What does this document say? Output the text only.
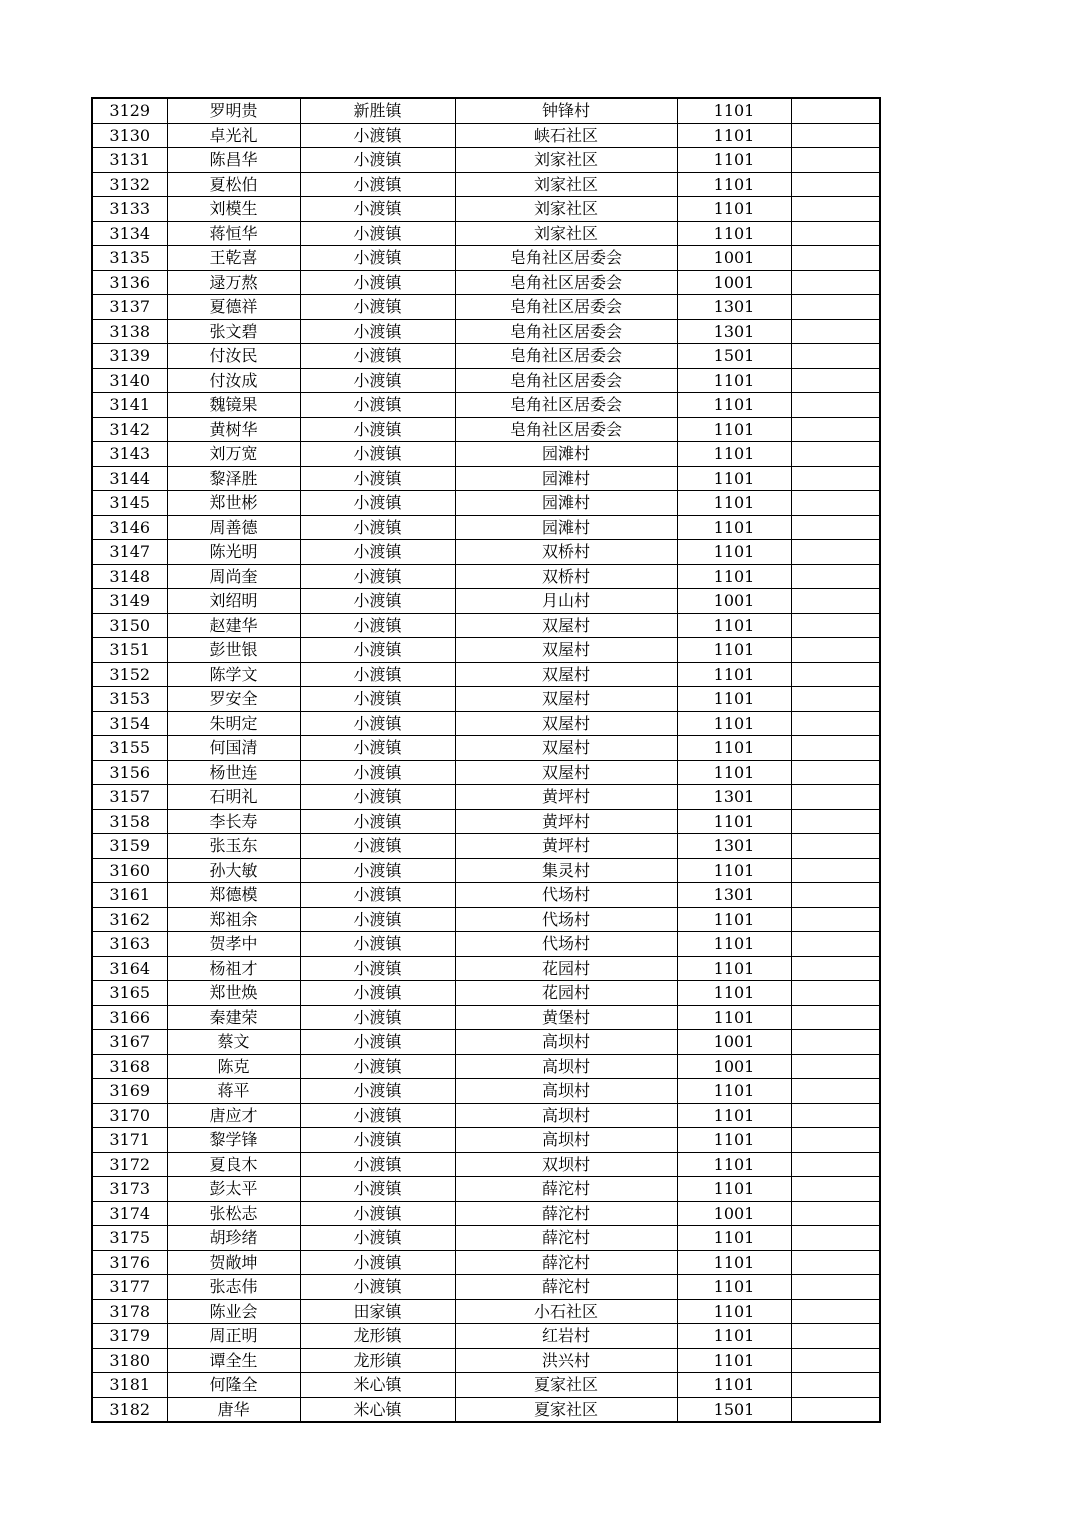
3129	罗明贵	新胜镇	钟锋村	1101	
3130	卓光礼	小渡镇	峡石社区	1101	
3131	陈昌华	小渡镇	刘家社区	1101	
3132	夏松伯	小渡镇	刘家社区	1101	
3133	刘模生	小渡镇	刘家社区	1101	
3134	蒋恒华	小渡镇	刘家社区	1101	
3135	王乾喜	小渡镇	皂角社区居委会	1001	
3136	逯万熬	小渡镇	皂角社区居委会	1001	
3137	夏德祥	小渡镇	皂角社区居委会	1301	
3138	张文碧	小渡镇	皂角社区居委会	1301	
3139	付汝民	小渡镇	皂角社区居委会	1501	
3140	付汝成	小渡镇	皂角社区居委会	1101	
3141	魏镜果	小渡镇	皂角社区居委会	1101	
3142	黄树华	小渡镇	皂角社区居委会	1101	
3143	刘万宽	小渡镇	园滩村	1101	
3144	黎泽胜	小渡镇	园滩村	1101	
3145	郑世彬	小渡镇	园滩村	1101	
3146	周善德	小渡镇	园滩村	1101	
3147	陈光明	小渡镇	双桥村	1101	
3148	周尚奎	小渡镇	双桥村	1101	
3149	刘绍明	小渡镇	月山村	1001	
3150	赵建华	小渡镇	双屋村	1101	
3151	彭世银	小渡镇	双屋村	1101	
3152	陈学文	小渡镇	双屋村	1101	
3153	罗安全	小渡镇	双屋村	1101	
3154	朱明定	小渡镇	双屋村	1101	
3155	何国清	小渡镇	双屋村	1101	
3156	杨世连	小渡镇	双屋村	1101	
3157	石明礼	小渡镇	黄坪村	1301	
3158	李长寿	小渡镇	黄坪村	1101	
3159	张玉东	小渡镇	黄坪村	1301	
3160	孙大敏	小渡镇	集灵村	1101	
3161	郑德模	小渡镇	代场村	1301	
3162	郑祖余	小渡镇	代场村	1101	
3163	贺孝中	小渡镇	代场村	1101	
3164	杨祖才	小渡镇	花园村	1101	
3165	郑世焕	小渡镇	花园村	1101	
3166	秦建荣	小渡镇	黄堡村	1101	
3167	蔡文	小渡镇	高坝村	1001	
3168	陈克	小渡镇	高坝村	1001	
3169	蒋平	小渡镇	高坝村	1101	
3170	唐应才	小渡镇	高坝村	1101	
3171	黎学锋	小渡镇	高坝村	1101	
3172	夏良木	小渡镇	双坝村	1101	
3173	彭太平	小渡镇	薛沱村	1101	
3174	张松志	小渡镇	薛沱村	1001	
3175	胡珍绪	小渡镇	薛沱村	1101	
3176	贺敞坤	小渡镇	薛沱村	1101	
3177	张志伟	小渡镇	薛沱村	1101	
3178	陈业会	田家镇	小石社区	1101	
3179	周正明	龙形镇	红岩村	1101	
3180	谭全生	龙形镇	洪兴村	1101	
3181	何隆全	米心镇	夏家社区	1101	
3182	唐华	米心镇	夏家社区	1501	
